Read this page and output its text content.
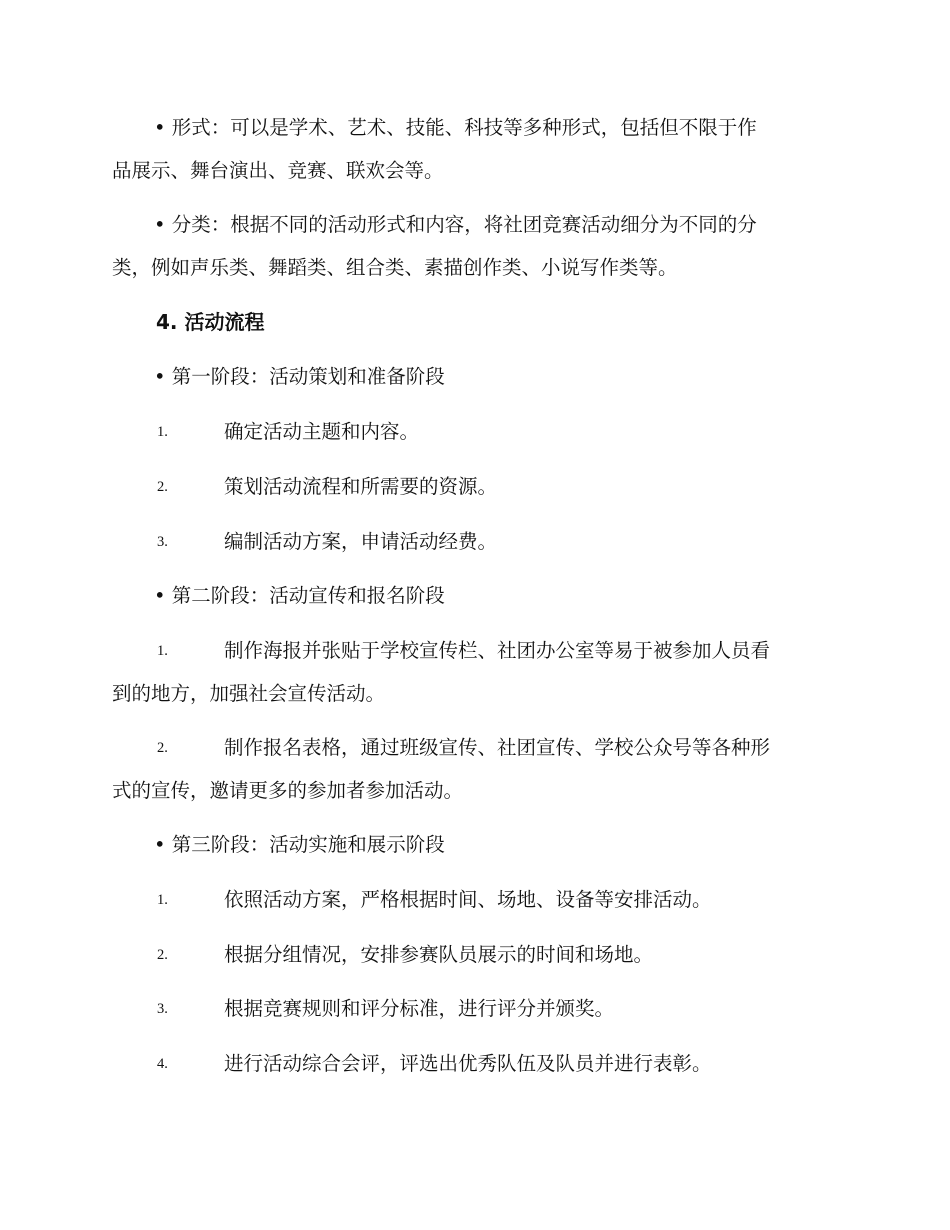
• 形式：可以是学术、艺术、技能、科技等多种形式，包括但不限于作
品展示、舞台演出、竞赛、联欢会等。
• 分类：根据不同的活动形式和内容，将社团竞赛活动细分为不同的分
类，例如声乐类、舞蹈类、组合类、素描创作类、小说写作类等。
4. 活动流程
• 第一阶段：活动策划和准备阶段
1.	确定活动主题和内容。
2.	策划活动流程和所需要的资源。
3.	编制活动方案，申请活动经费。
• 第二阶段：活动宣传和报名阶段
1.	制作海报并张贴于学校宣传栏、社团办公室等易于被参加人员看
到的地方，加强社会宣传活动。
2.	制作报名表格，通过班级宣传、社团宣传、学校公众号等各种形
式的宣传，邀请更多的参加者参加活动。
• 第三阶段：活动实施和展示阶段
1.	依照活动方案，严格根据时间、场地、设备等安排活动。
2.	根据分组情况，安排参赛队员展示的时间和场地。
3.	根据竞赛规则和评分标准，进行评分并颁奖。
4.	进行活动综合会评，评选出优秀队伍及队员并进行表彰。
